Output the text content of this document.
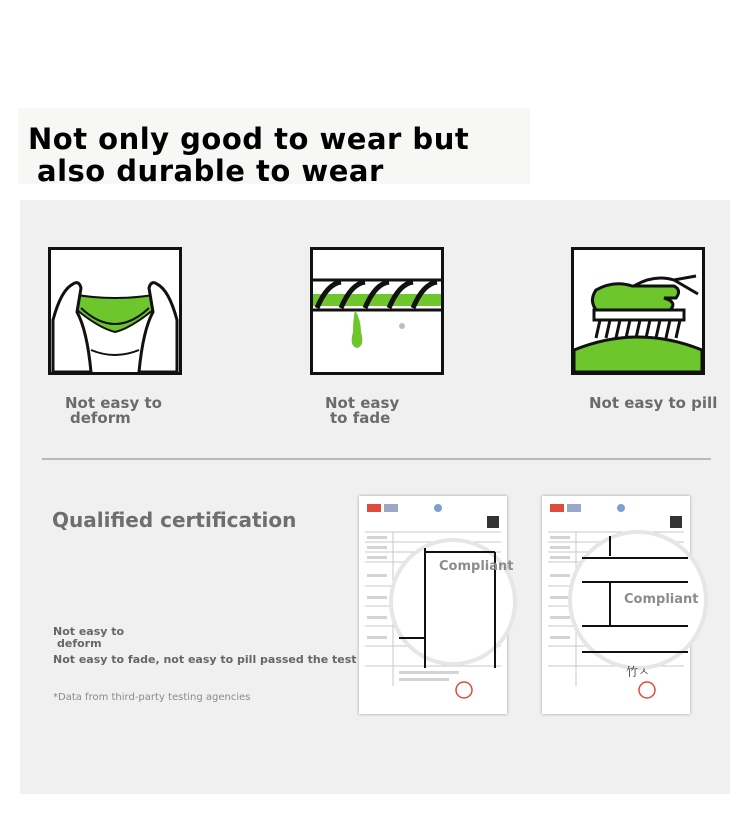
Not only good to wear but
also durable to wear
Not easy to
deform
Not easy
to fade
Not easy to pill
Qualified certification
Not easy to
deform
Not easy to fade, not easy to pill passed the test
*Data from third-party testing agencies
Compliant
竹ㅅ
Compliant
